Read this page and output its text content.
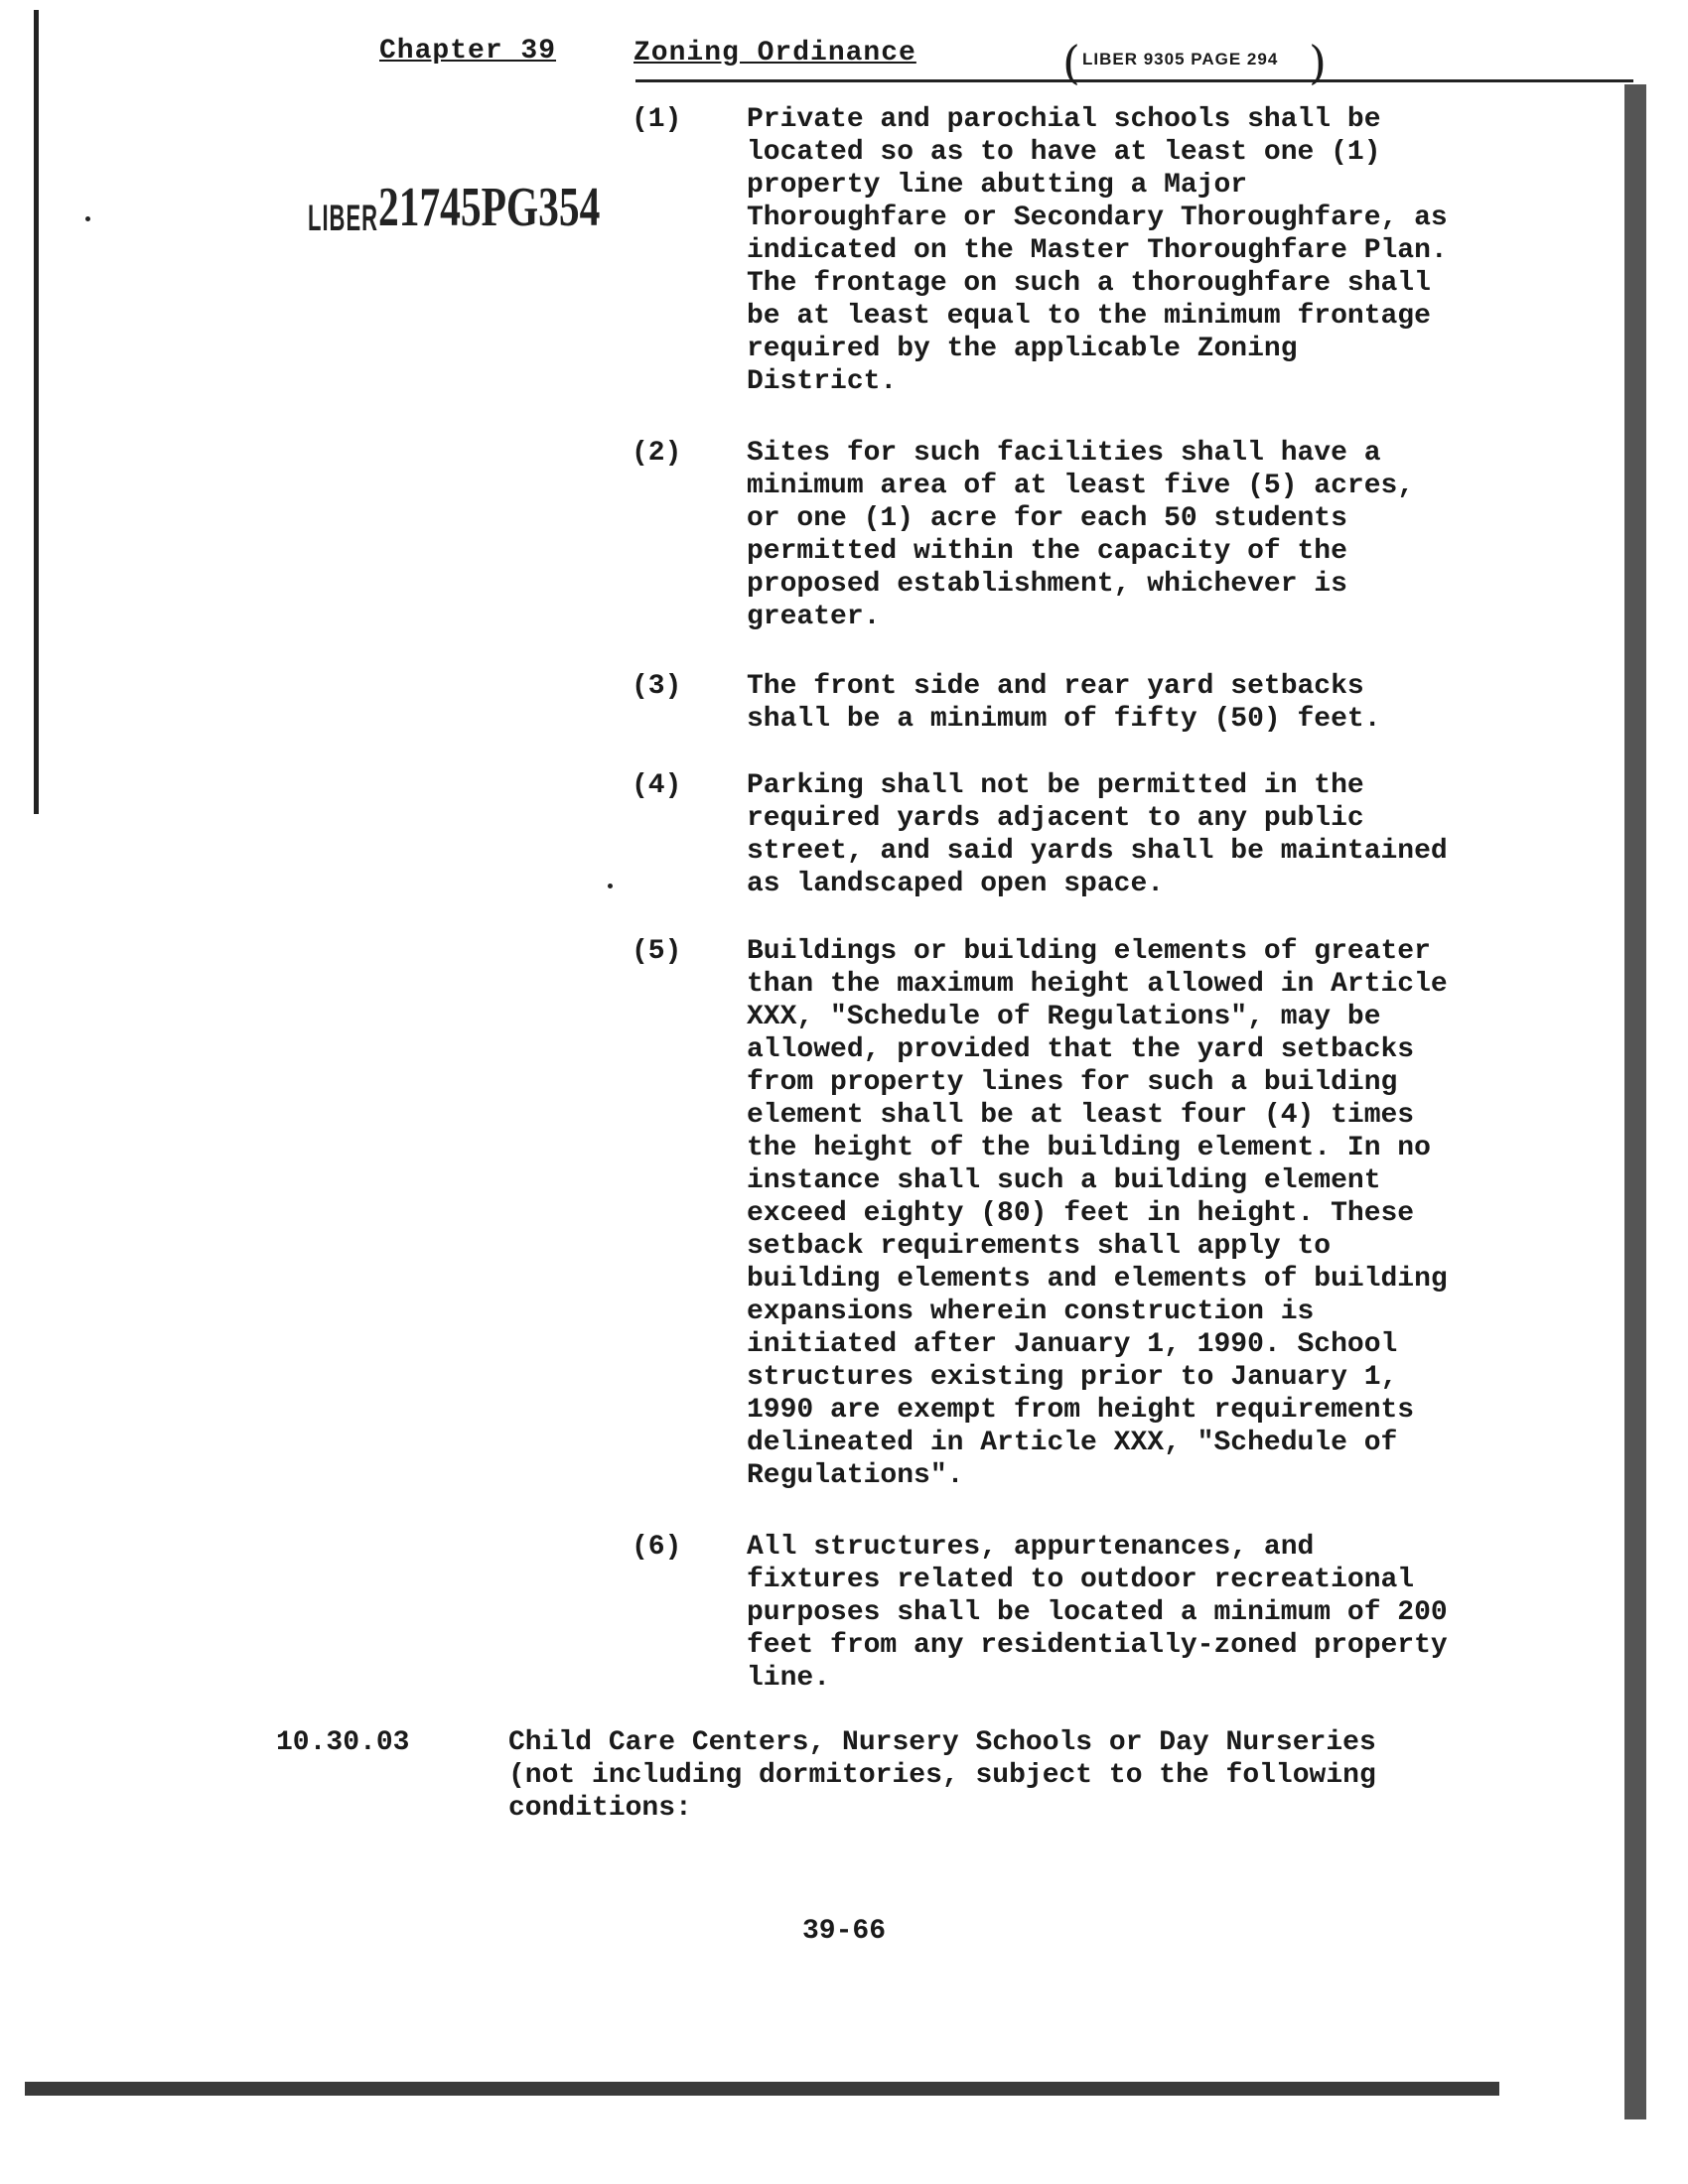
Chapter 39	Zoning Ordinance	( LIBER 9305 PAGE 294 )
LIBER21745PG354
(1) Private and parochial schools shall be
located so as to have at least one (1)
property line abutting a Major
Thoroughfare or Secondary Thoroughfare, as
indicated on the Master Thoroughfare Plan.
The frontage on such a thoroughfare shall
be at least equal to the minimum frontage
required by the applicable Zoning
District.
(2) Sites for such facilities shall have a
minimum area of at least five (5) acres,
or one (1) acre for each 50 students
permitted within the capacity of the
proposed establishment, whichever is
greater.
(3) The front side and rear yard setbacks
shall be a minimum of fifty (50) feet.
(4) Parking shall not be permitted in the
required yards adjacent to any public
street, and said yards shall be maintained
as landscaped open space.
(5) Buildings or building elements of greater
than the maximum height allowed in Article
XXX, "Schedule of Regulations", may be
allowed, provided that the yard setbacks
from property lines for such a building
element shall be at least four (4) times
the height of the building element. In no
instance shall such a building element
exceed eighty (80) feet in height. These
setback requirements shall apply to
building elements and elements of building
expansions wherein construction is
initiated after January 1, 1990. School
structures existing prior to January 1,
1990 are exempt from height requirements
delineated in Article XXX, "Schedule of
Regulations".
(6) All structures, appurtenances, and
fixtures related to outdoor recreational
purposes shall be located a minimum of 200
feet from any residentially-zoned property
line.
10.30.03	Child Care Centers, Nursery Schools or Day Nurseries
(not including dormitories, subject to the following
conditions:
39-66
